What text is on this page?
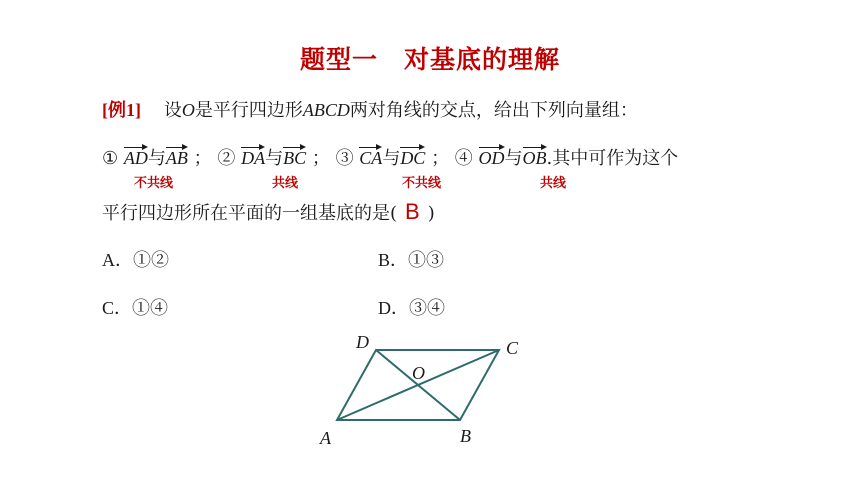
题型一　对基底的理解
[例1] 设O是平行四边形ABCD两对角线的交点，给出下列向量组：
① AD与AB ； ② DA与BC ； ③ CA与DC ； ④ OD与OB.其中可作为这个
不共线	共线	不共线	共线
平行四边形所在平面的一组基底的是( B )
A．①②	B．①③
C．①④	D．③④
A	B
C
D
O
